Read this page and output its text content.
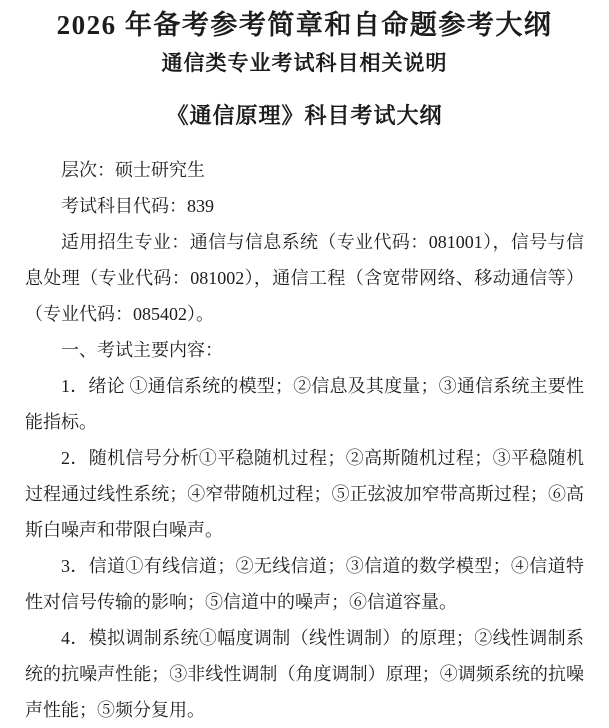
2026 年备考参考简章和自命题参考大纲
通信类专业考试科目相关说明
《通信原理》科目考试大纲

层次：硕士研究生

考试科目代码：839

适用招生专业：通信与信息系统（专业代码：081001），信号与信息处理（专业代码：081002），通信工程（含宽带网络、移动通信等）（专业代码：085402）。

一、考试主要内容：

1．绪论 ①通信系统的模型；②信息及其度量；③通信系统主要性能指标。

2．随机信号分析①平稳随机过程；②高斯随机过程；③平稳随机过程通过线性系统；④窄带随机过程；⑤正弦波加窄带高斯过程；⑥高斯白噪声和带限白噪声。

3．信道①有线信道；②无线信道；③信道的数学模型；④信道特性对信号传输的影响；⑤信道中的噪声；⑥信道容量。

4．模拟调制系统①幅度调制（线性调制）的原理；②线性调制系统的抗噪声性能；③非线性调制（角度调制）原理；④调频系统的抗噪声性能；⑤频分复用。
